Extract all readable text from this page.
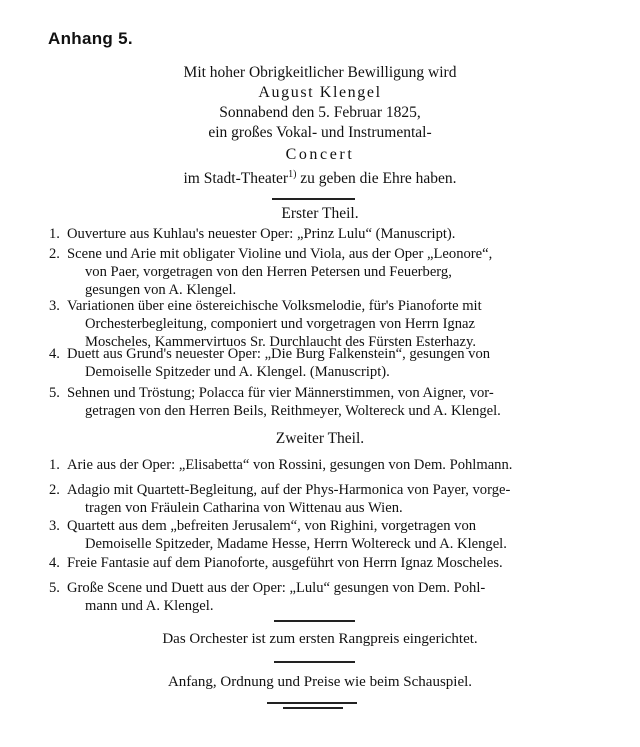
Anhang 5.
Mit hoher Obrigkeitlicher Bewilligung wird
August Klengel
Sonnabend den 5. Februar 1825,
ein großes Vokal- und Instrumental-
Concert
im Stadt-Theater$^{1)}$ zu geben die Ehre haben.
Erster Theil.
1. Ouverture aus Kuhlau's neuester Oper: „Prinz Lulu“ (Manuscript).
2. Scene und Arie mit obligater Violine und Viola, aus der Oper „Leonore“,
von Paer, vorgetragen von den Herren Petersen und Feuerberg,
gesungen von A. Klengel.
3. Variationen über eine östereichische Volksmelodie, für's Pianoforte mit
Orchesterbegleitung, componiert und vorgetragen von Herrn Ignaz
Moscheles, Kammervirtuos Sr. Durchlaucht des Fürsten Esterhazy.
4. Duett aus Grund's neuester Oper: „Die Burg Falkenstein“, gesungen von
Demoiselle Spitzeder und A. Klengel. (Manuscript).
5. Sehnen und Tröstung; Polacca für vier Männerstimmen, von Aigner, vor-
getragen von den Herren Beils, Reithmeyer, Woltereck und A. Klengel.
Zweiter Theil.
1. Arie aus der Oper: „Elisabetta“ von Rossini, gesungen von Dem. Pohlmann.
2. Adagio mit Quartett-Begleitung, auf der Phys-Harmonica von Payer, vorge-
tragen von Fräulein Catharina von Wittenau aus Wien.
3. Quartett aus dem „befreiten Jerusalem“, von Righini, vorgetragen von
Demoiselle Spitzeder, Madame Hesse, Herrn Woltereck und A. Klengel.
4. Freie Fantasie auf dem Pianoforte, ausgeführt von Herrn Ignaz Moscheles.
5. Große Scene und Duett aus der Oper: „Lulu“ gesungen von Dem. Pohl-
mann und A. Klengel.
Das Orchester ist zum ersten Rangpreis eingerichtet.
Anfang, Ordnung und Preise wie beim Schauspiel.
